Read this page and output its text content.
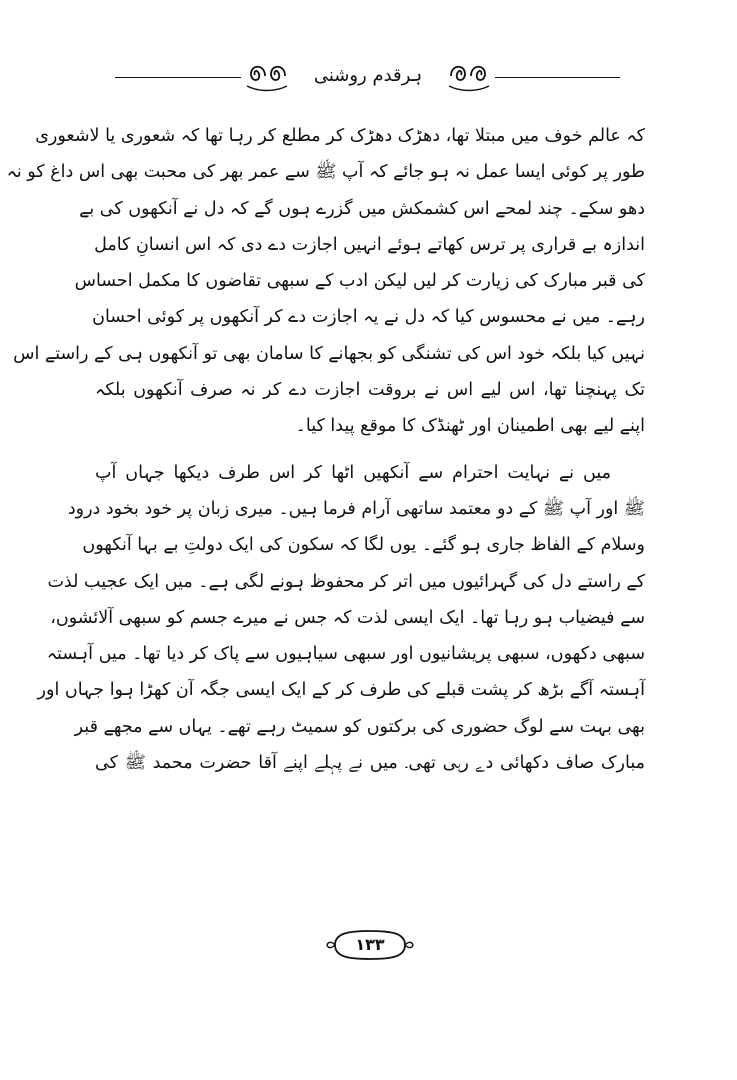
ہرقدم روشنی
کہ عالم خوف میں مبتلا تھا، دھڑک دھڑک کر مطلع کر رہا تھا کہ شعوری یا لاشعوری
طور پر کوئی ایسا عمل نہ ہو جائے کہ آپ ﷺ سے عمر بھر کی محبت بھی اس داغ کو نہ
دھو سکے۔ چند لمحے اس کشمکش میں گزرے ہوں گے کہ دل نے آنکھوں کی بے
اندازہ بے قراری پر ترس کھاتے ہوئے انہیں اجازت دے دی کہ اس انسانِ کامل
کی قبر مبارک کی زیارت کر لیں لیکن ادب کے سبھی تقاضوں کا مکمل احساس
رہے۔ میں نے محسوس کیا کہ دل نے یہ اجازت دے کر آنکھوں پر کوئی احسان
نہیں کیا بلکہ خود اس کی تشنگی کو بجھانے کا سامان بھی تو آنکھوں ہی کے راستے اس
تک پہنچنا تھا، اس لیے اس نے بروقت اجازت دے کر نہ صرف آنکھوں بلکہ
اپنے لیے بھی اطمینان اور ٹھنڈک کا موقع پیدا کیا۔
میں نے نہایت احترام سے آنکھیں اٹھا کر اس طرف دیکھا جہاں آپ
ﷺ اور آپ ﷺ کے دو معتمد ساتھی آرام فرما ہیں۔ میری زبان پر خود بخود درود
وسلام کے الفاظ جاری ہو گئے۔ یوں لگا کہ سکون کی ایک دولتِ بے بہا آنکھوں
کے راستے دل کی گہرائیوں میں اتر کر محفوظ ہونے لگی ہے۔ میں ایک عجیب لذت
سے فیضیاب ہو رہا تھا۔ ایک ایسی لذت کہ جس نے میرے جسم کو سبھی آلائشوں،
سبھی دکھوں، سبھی پریشانیوں اور سبھی سیاہیوں سے پاک کر دیا تھا۔ میں آہستہ
آہستہ آگے بڑھ کر پشت قبلے کی طرف کر کے ایک ایسی جگہ آن کھڑا ہوا جہاں اور
بھی بہت سے لوگ حضوری کی برکتوں کو سمیٹ رہے تھے۔ یہاں سے مجھے قبر
مبارک صاف دکھائی دے رہی تھی۔ میں نے پہلے اپنے آقا حضرت محمد ﷺ کی
۱۳۳
